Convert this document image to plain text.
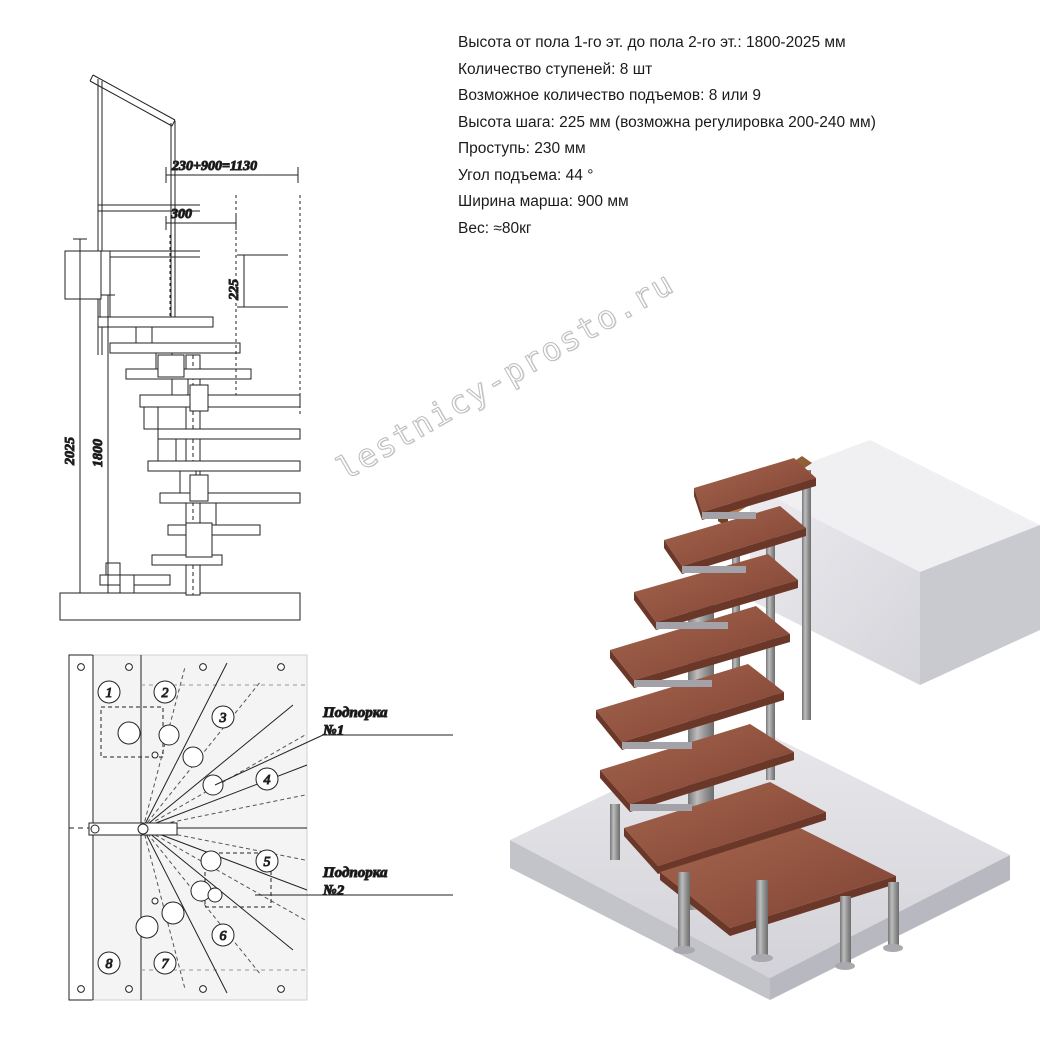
Высота от пола 1-го эт. до пола 2-го эт.: 1800-2025 мм
Количество ступеней: 8 шт
Возможное количество подъемов: 8 или 9
Высота шага: 225 мм (возможна регулировка 200-240 мм)
Проступь: 230 мм
Угол подъема: 44 °
Ширина марша: 900 мм
Вес: ≈80кг
230+900=1130
300
225
2025 1800
1	2
3
4
5
6
7
8
Подпорка
№1
Подпорка
№2
lestnicy-prosto.ru
